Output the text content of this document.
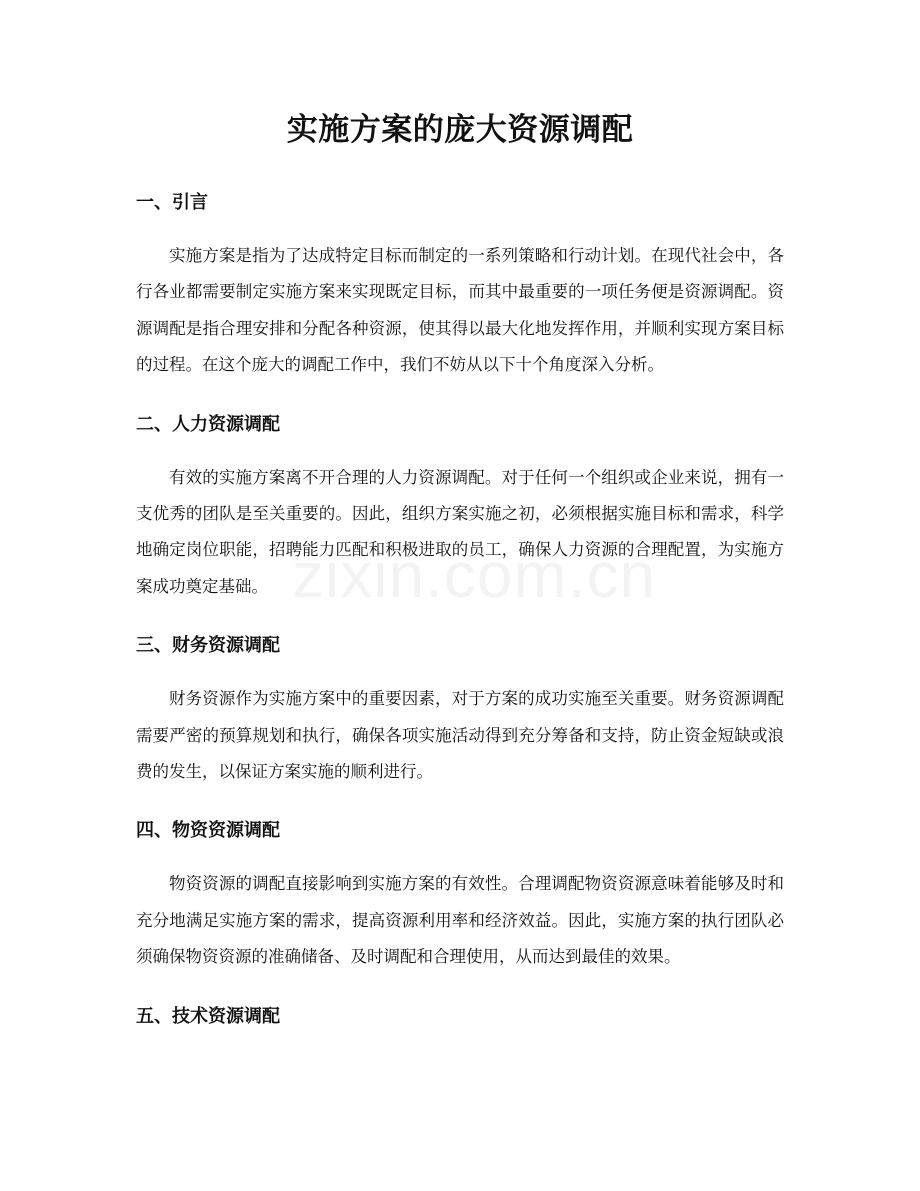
实施方案的庞大资源调配
一、引言

实施方案是指为了达成特定目标而制定的一系列策略和行动计划。在现代社会中，各行各业都需要制定实施方案来实现既定目标，而其中最重要的一项任务便是资源调配。资源调配是指合理安排和分配各种资源，使其得以最大化地发挥作用，并顺利实现方案目标的过程。在这个庞大的调配工作中，我们不妨从以下十个角度深入分析。

二、人力资源调配

有效的实施方案离不开合理的人力资源调配。对于任何一个组织或企业来说，拥有一支优秀的团队是至关重要的。因此，组织方案实施之初，必须根据实施目标和需求，科学地确定岗位职能，招聘能力匹配和积极进取的员工，确保人力资源的合理配置，为实施方案成功奠定基础。

三、财务资源调配

财务资源作为实施方案中的重要因素，对于方案的成功实施至关重要。财务资源调配需要严密的预算规划和执行，确保各项实施活动得到充分筹备和支持，防止资金短缺或浪费的发生，以保证方案实施的顺利进行。

四、物资资源调配

物资资源的调配直接影响到实施方案的有效性。合理调配物资资源意味着能够及时和充分地满足实施方案的需求，提高资源利用率和经济效益。因此，实施方案的执行团队必须确保物资资源的准确储备、及时调配和合理使用，从而达到最佳的效果。

五、技术资源调配
